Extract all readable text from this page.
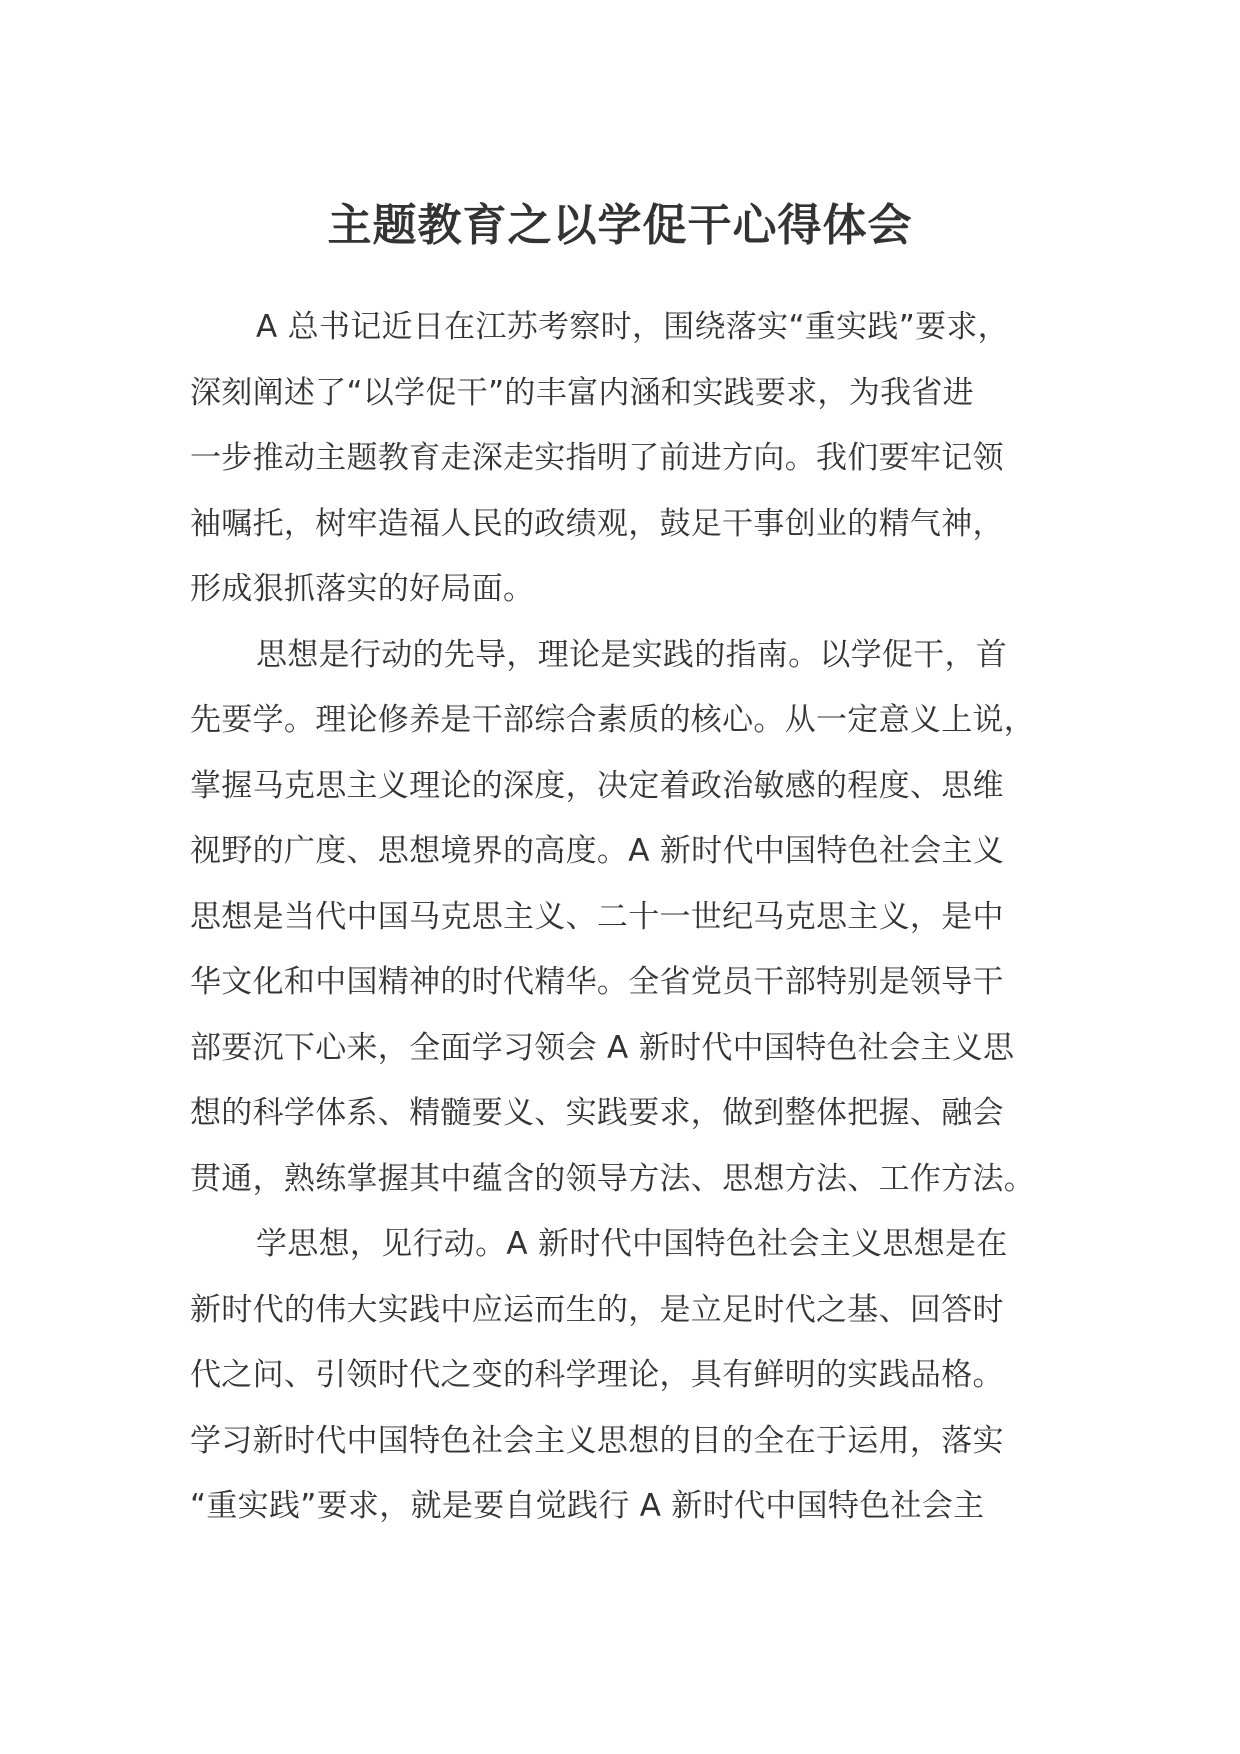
主题教育之以学促干心得体会
A 总书记近日在江苏考察时，围绕落实“重实践”要求，
深刻阐述了“以学促干”的丰富内涵和实践要求，为我省进
一步推动主题教育走深走实指明了前进方向。我们要牢记领
袖嘱托，树牢造福人民的政绩观，鼓足干事创业的精气神，
形成狠抓落实的好局面。
思想是行动的先导，理论是实践的指南。以学促干，首
先要学。理论修养是干部综合素质的核心。从一定意义上说，
掌握马克思主义理论的深度，决定着政治敏感的程度、思维
视野的广度、思想境界的高度。A 新时代中国特色社会主义
思想是当代中国马克思主义、二十一世纪马克思主义，是中
华文化和中国精神的时代精华。全省党员干部特别是领导干
部要沉下心来，全面学习领会 A 新时代中国特色社会主义思
想的科学体系、精髓要义、实践要求，做到整体把握、融会
贯通，熟练掌握其中蕴含的领导方法、思想方法、工作方法。
学思想，见行动。A 新时代中国特色社会主义思想是在
新时代的伟大实践中应运而生的，是立足时代之基、回答时
代之问、引领时代之变的科学理论，具有鲜明的实践品格。
学习新时代中国特色社会主义思想的目的全在于运用，落实
“重实践”要求，就是要自觉践行 A 新时代中国特色社会主
